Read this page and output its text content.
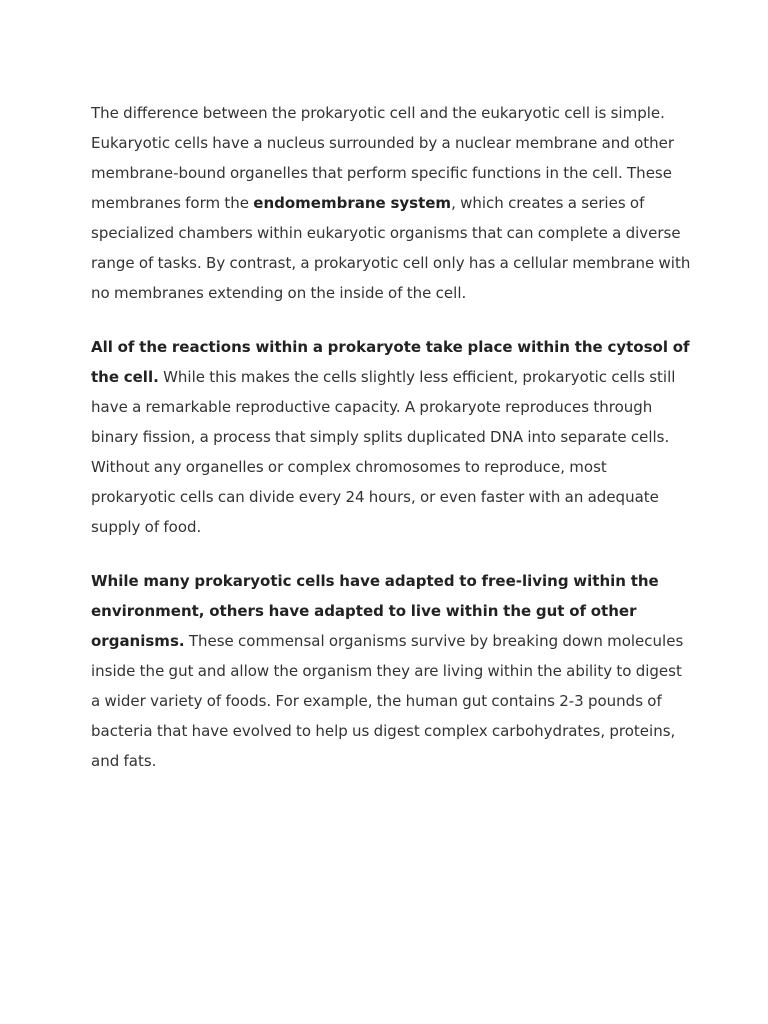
The difference between the prokaryotic cell and the eukaryotic cell is simple. Eukaryotic cells have a nucleus surrounded by a nuclear membrane and other membrane-bound organelles that perform specific functions in the cell. These membranes form the endomembrane system, which creates a series of specialized chambers within eukaryotic organisms that can complete a diverse range of tasks. By contrast, a prokaryotic cell only has a cellular membrane with no membranes extending on the inside of the cell.

All of the reactions within a prokaryote take place within the cytosol of the cell. While this makes the cells slightly less efficient, prokaryotic cells still have a remarkable reproductive capacity. A prokaryote reproduces through binary fission, a process that simply splits duplicated DNA into separate cells. Without any organelles or complex chromosomes to reproduce, most prokaryotic cells can divide every 24 hours, or even faster with an adequate supply of food.

While many prokaryotic cells have adapted to free-living within the environment, others have adapted to live within the gut of other organisms. These commensal organisms survive by breaking down molecules inside the gut and allow the organism they are living within the ability to digest a wider variety of foods. For example, the human gut contains 2-3 pounds of bacteria that have evolved to help us digest complex carbohydrates, proteins, and fats.
